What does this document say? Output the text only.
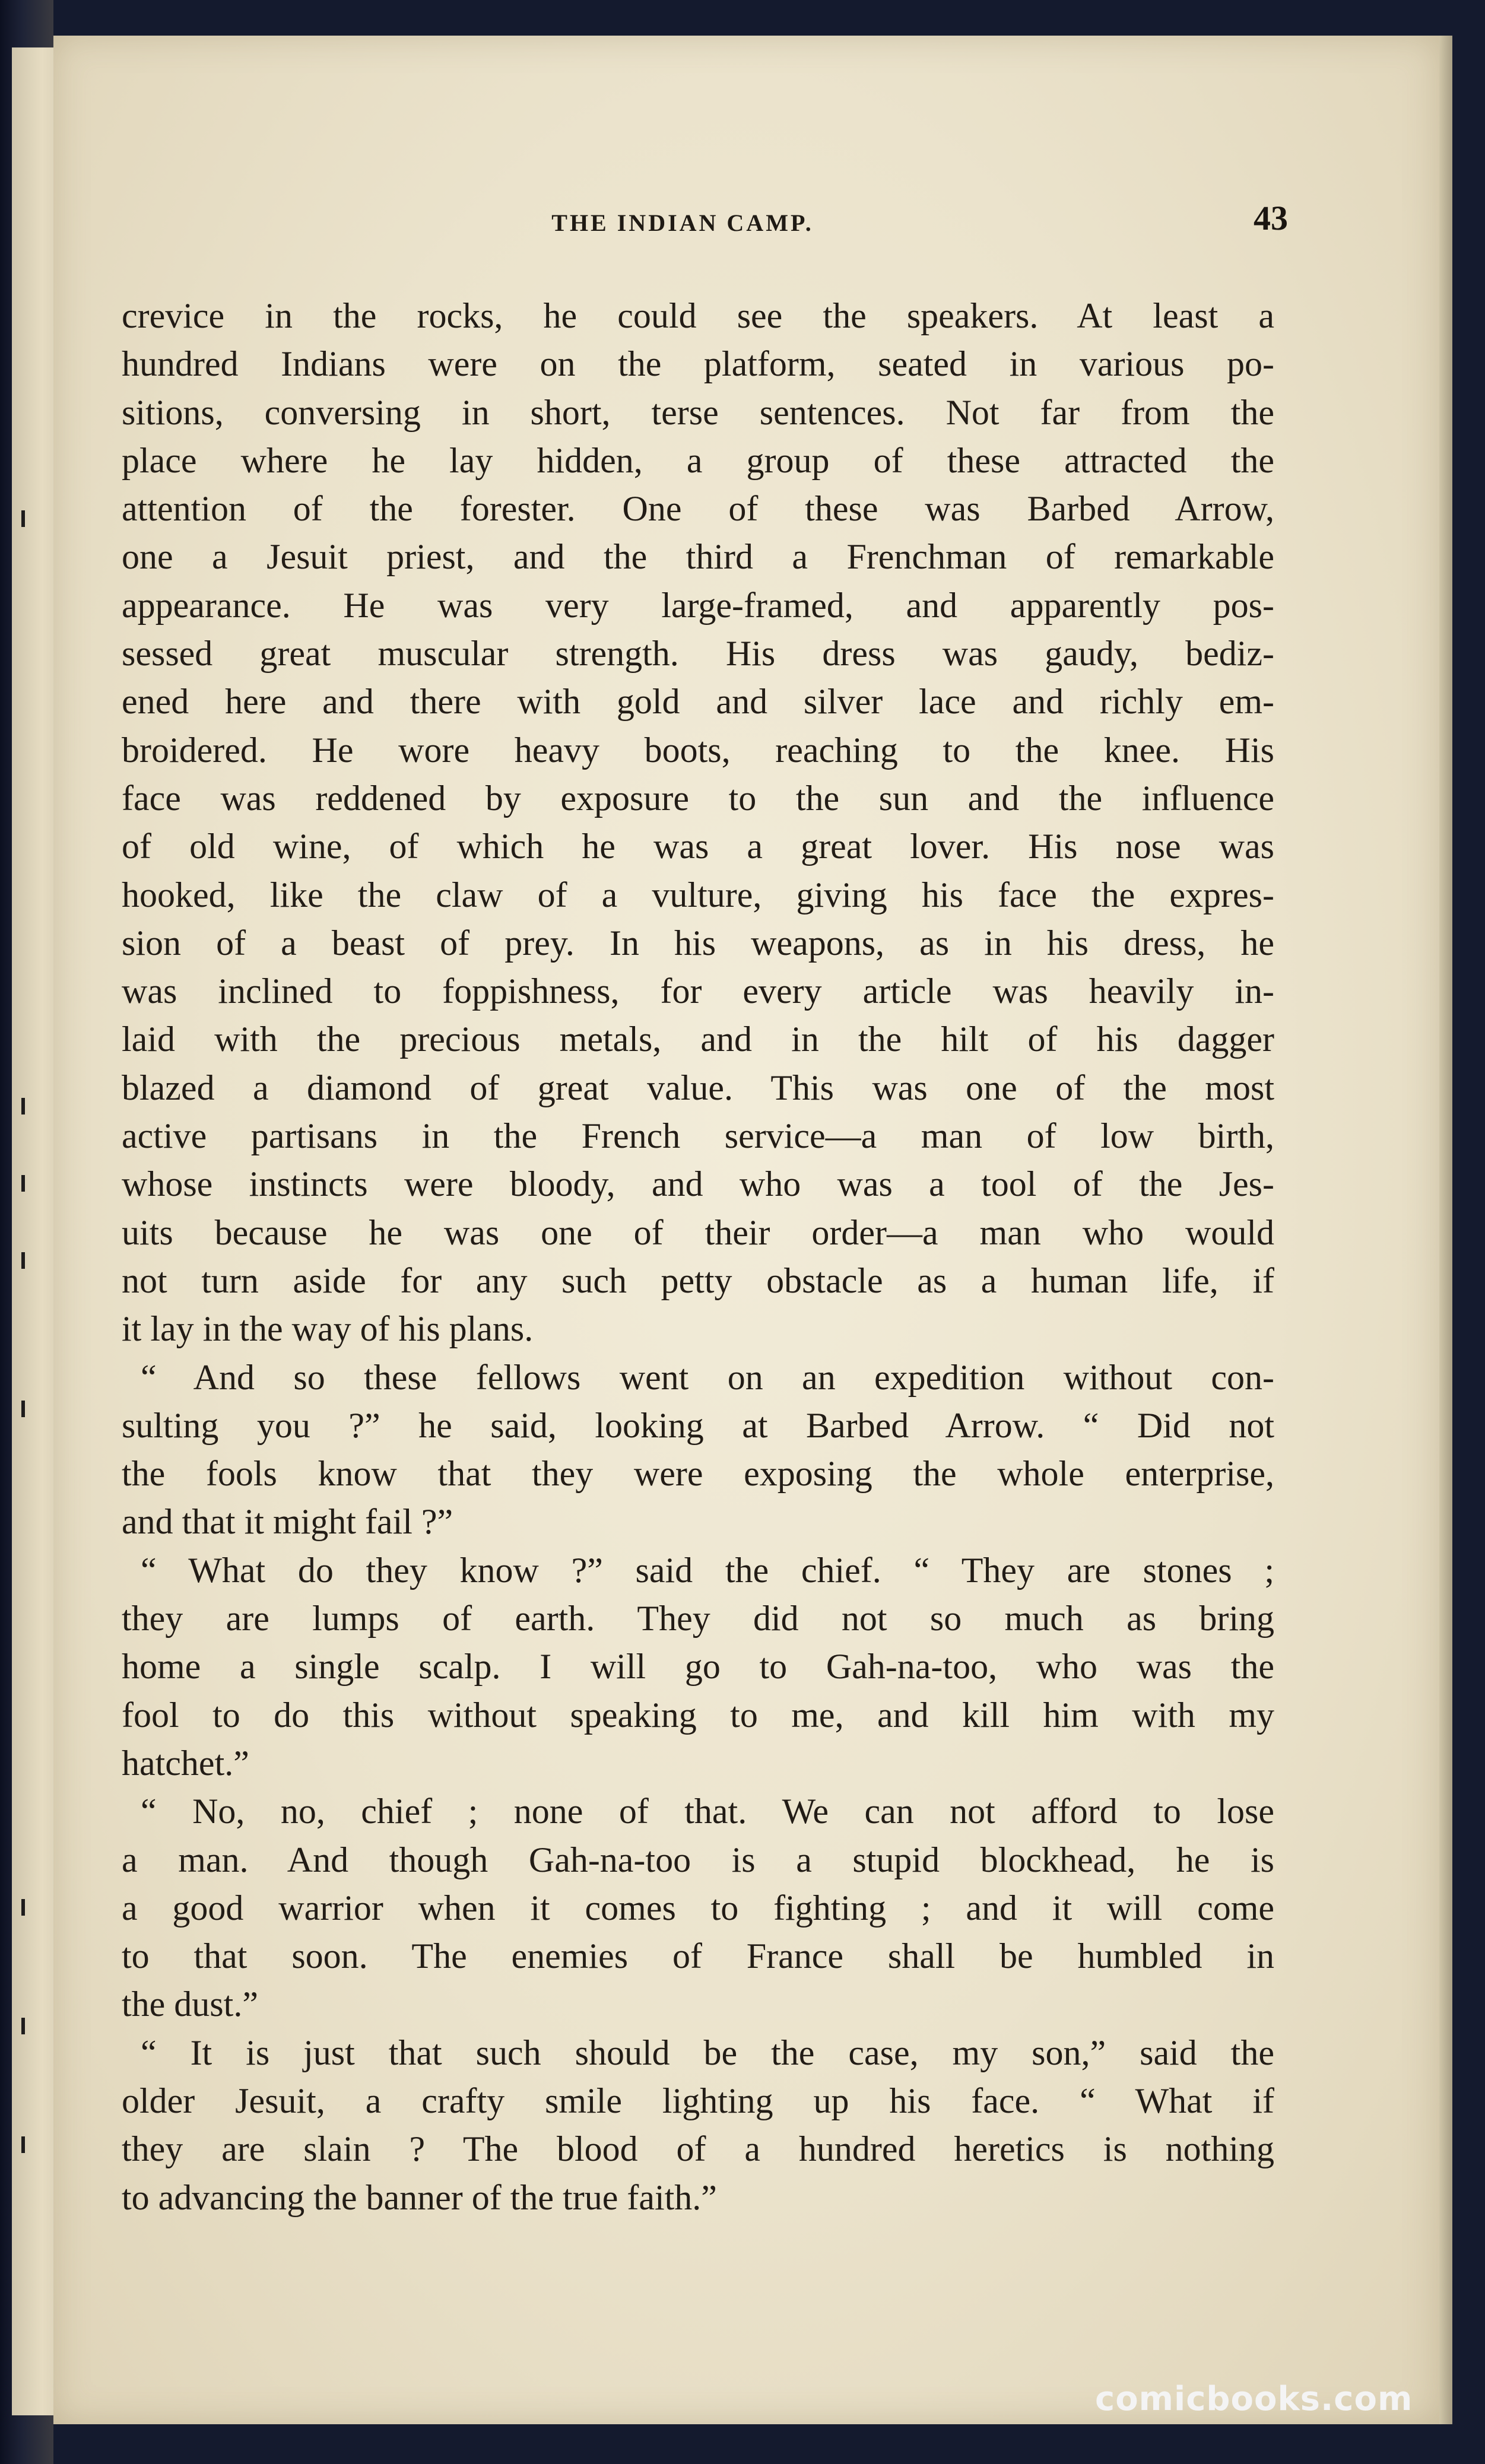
THE INDIAN CAMP.	43
crevice in the rocks, he could see the speakers. At least a
hundred Indians were on the platform, seated in various po-
sitions, conversing in short, terse sentences. Not far from the
place where he lay hidden, a group of these attracted the
attention of the forester. One of these was Barbed Arrow,
one a Jesuit priest, and the third a Frenchman of remarkable
appearance. He was very large-framed, and apparently pos-
sessed great muscular strength. His dress was gaudy, bediz-
ened here and there with gold and silver lace and richly em-
broidered. He wore heavy boots, reaching to the knee. His
face was reddened by exposure to the sun and the influence
of old wine, of which he was a great lover. His nose was
hooked, like the claw of a vulture, giving his face the expres-
sion of a beast of prey. In his weapons, as in his dress, he
was inclined to foppishness, for every article was heavily in-
laid with the precious metals, and in the hilt of his dagger
blazed a diamond of great value. This was one of the most
active partisans in the French service—a man of low birth,
whose instincts were bloody, and who was a tool of the Jes-
uits because he was one of their order—a man who would
not turn aside for any such petty obstacle as a human life, if
it lay in the way of his plans.
“ And so these fellows went on an expedition without con-
sulting you ?” he said, looking at Barbed Arrow. “ Did not
the fools know that they were exposing the whole enterprise,
and that it might fail ?”
“ What do they know ?” said the chief. “ They are stones ;
they are lumps of earth. They did not so much as bring
home a single scalp. I will go to Gah-na-too, who was the
fool to do this without speaking to me, and kill him with my
hatchet.”
“ No, no, chief ; none of that. We can not afford to lose
a man. And though Gah-na-too is a stupid blockhead, he is
a good warrior when it comes to fighting ; and it will come
to that soon. The enemies of France shall be humbled in
the dust.”
“ It is just that such should be the case, my son,” said the
older Jesuit, a crafty smile lighting up his face. “ What if
they are slain ? The blood of a hundred heretics is nothing
to advancing the banner of the true faith.”
comicbooks.com
